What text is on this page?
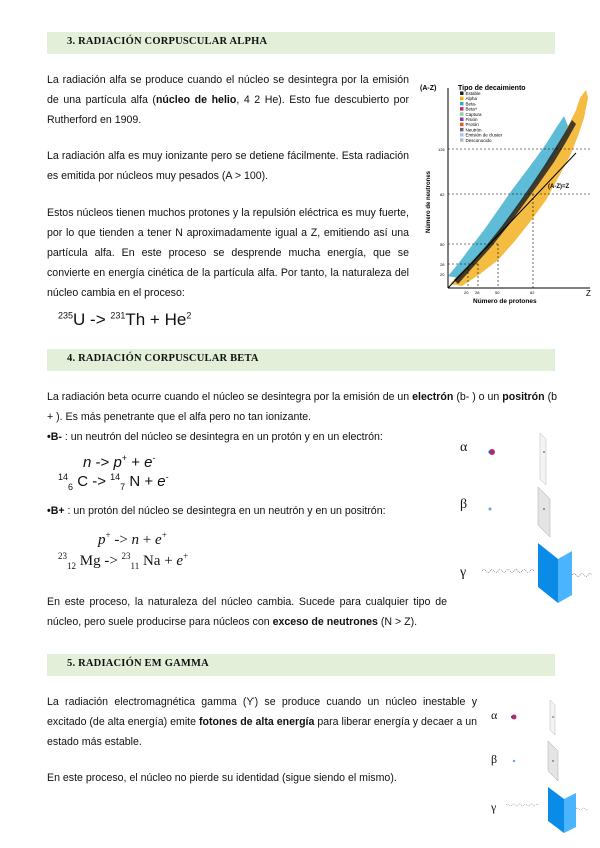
3. RADIACIÓN CORPUSCULAR ALPHA
La radiación alfa se produce cuando el núcleo se desintegra por la emisión de una partícula alfa (núcleo de helio, 4 2 He). Esto fue descubierto por Rutherford en 1909.
La radiación alfa es muy ionizante pero se detiene fácilmente. Esta radiación es emitida por núcleos muy pesados (A > 100).
Estos núcleos tienen muchos protones y la repulsión eléctrica es muy fuerte, por lo que tienden a tener N aproximadamente igual a Z, emitiendo así una partícula alfa. En este proceso se desprende mucha energía, que se convierte en energía cinética de la partícula alfa. Por tanto, la naturaleza del núcleo cambia en el proceso:
$^{235}U -> ^{231}Th + He^2$
(A-Z)	Tipo de decaimiento
Estable
Alpha
Beta-
Beta+
Captura
Fisión
Protón
Neutrón
Emisión de cluster
Desconocido
(A-Z)=Z
Z
126
82
50
28
20
20 28	50	82
Número de protones
Número de neutrones
4. RADIACIÓN CORPUSCULAR BETA
La radiación beta ocurre cuando el núcleo se desintegra por la emisión de un electrón (b- ) o un positrón (b + ). Es más penetrante que el alfa pero no tan ionizante.
•B- : un neutrón del núcleo se desintegra en un protón y en un electrón:
n -> p+ + e-
$^{14}_6$ C -> $^{14}_7$ N + e-
•B+ : un protón del núcleo se desintegra en un neutrón y en un positrón:
p+ -> n + e+
$^{23}_{12}$ Mg -> $^{23}_{11}$ Na + e+
En este proceso, la naturaleza del núcleo cambia. Sucede para cualquier tipo de núcleo, pero suele producirse para núcleos con exceso de neutrones (N > Z).
α
β
γ
5. RADIACIÓN EM GAMMA
La radiación electromagnética gamma (ϒ) se produce cuando un núcleo inestable y excitado (de alta energía) emite fotones de alta energía para liberar energía y decaer a un estado más estable.
En este proceso, el núcleo no pierde su identidad (sigue siendo el mismo).
α
β
γ
